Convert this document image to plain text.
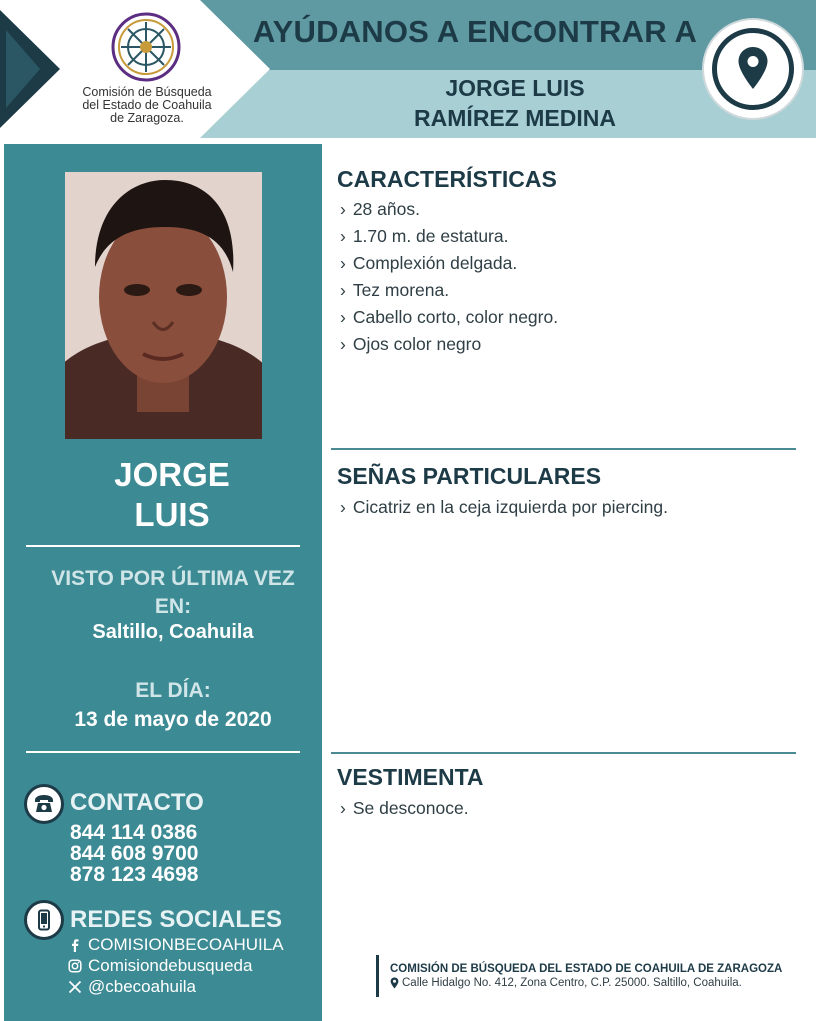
AYÚDANOS A ENCONTRAR A
JORGE LUIS
RAMÍREZ MEDINA
Comisión de Búsqueda
del Estado de Coahuila
de Zaragoza.
JORGE
LUIS
VISTO POR ÚLTIMA VEZ
EN:
Saltillo, Coahuila
EL DÍA:
13 de mayo de 2020
CONTACTO
844 114 0386
844 608 9700
878 123 4698
REDES SOCIALES
COMISIONBECOAHUILA
Comisiondebusqueda
@cbecoahuila
CARACTERÍSTICAS
› 28 años.
› 1.70 m. de estatura.
› Complexión delgada.
› Tez morena.
› Cabello corto, color negro.
› Ojos color negro
SEÑAS PARTICULARES
› Cicatriz en la ceja izquierda por piercing.
VESTIMENTA
› Se desconoce.
COMISIÓN DE BÚSQUEDA DEL ESTADO DE COAHUILA DE ZARAGOZA
Calle Hidalgo No. 412, Zona Centro, C.P. 25000. Saltillo, Coahuila.
